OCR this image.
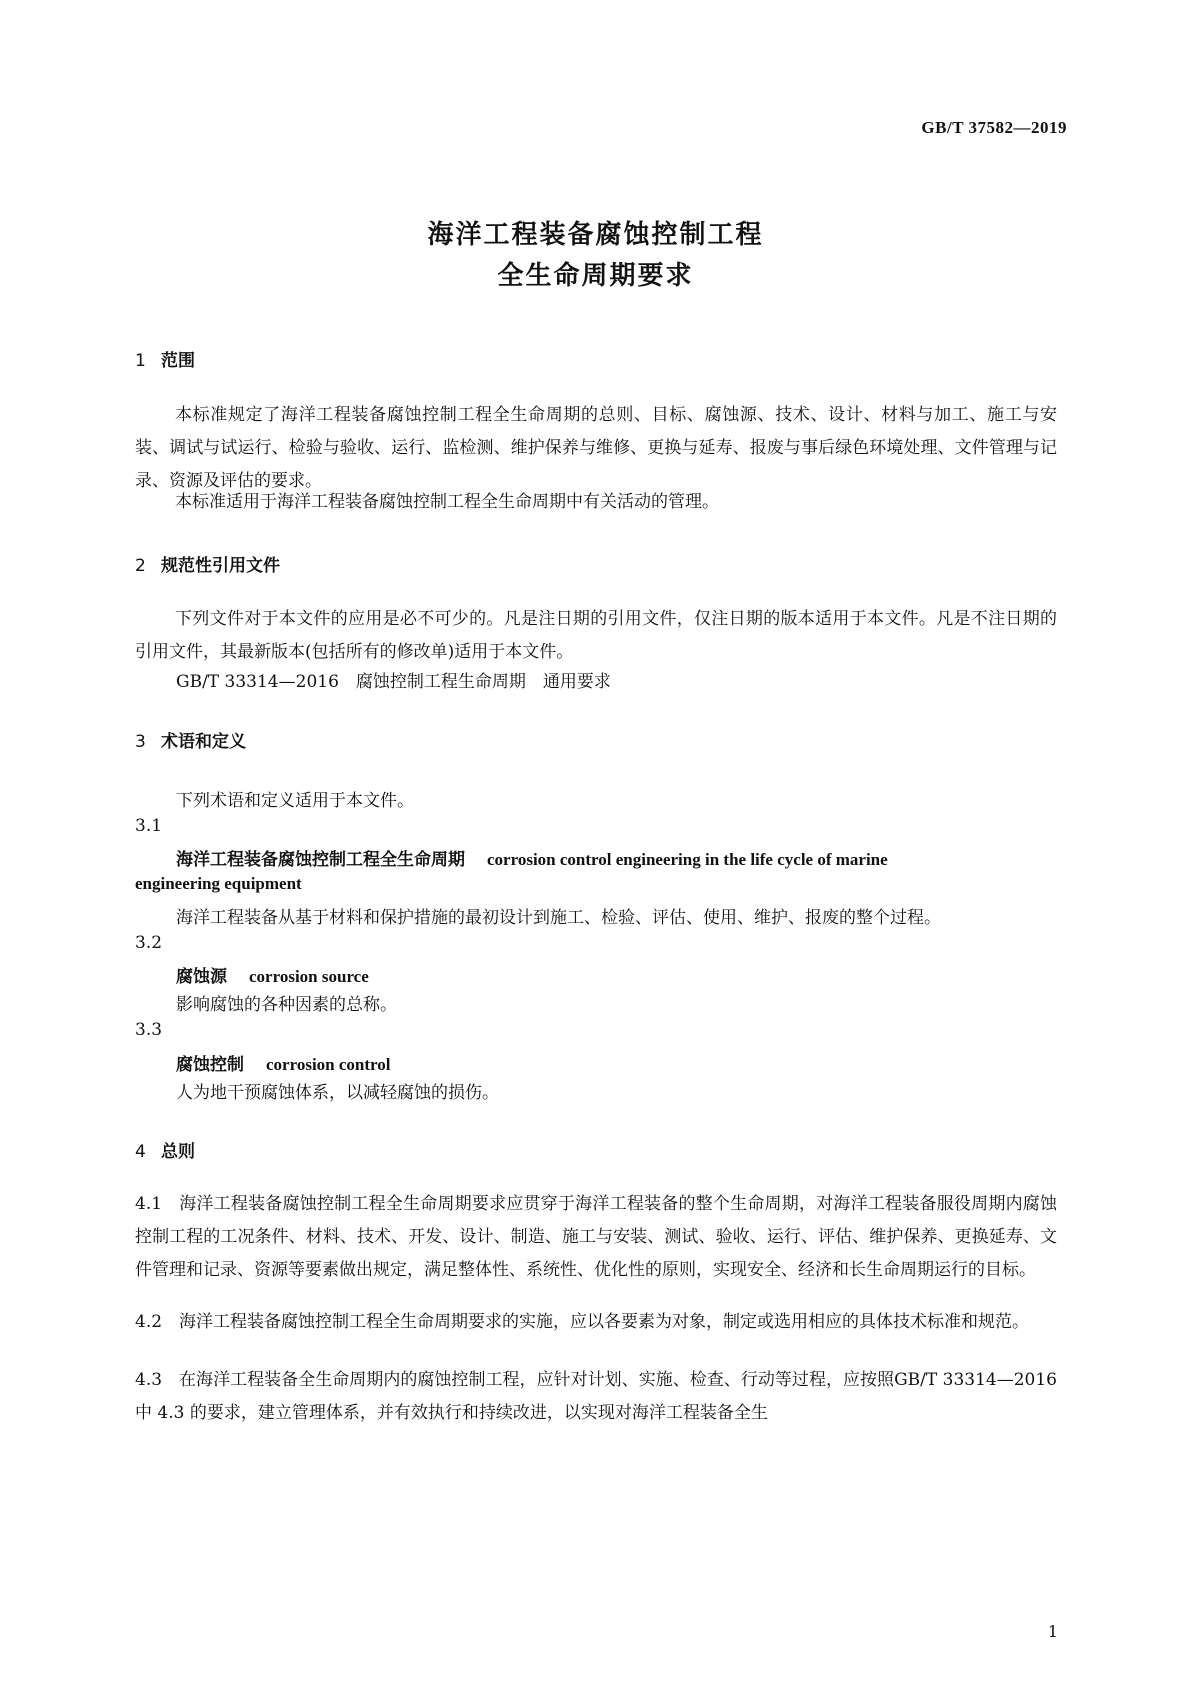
GB/T 37582—2019
海洋工程装备腐蚀控制工程
全生命周期要求
1 范围
本标准规定了海洋工程装备腐蚀控制工程全生命周期的总则、目标、腐蚀源、技术、设计、材料与加工、施工与安装、调试与试运行、检验与验收、运行、监检测、维护保养与维修、更换与延寿、报废与事后绿色环境处理、文件管理与记录、资源及评估的要求。
本标准适用于海洋工程装备腐蚀控制工程全生命周期中有关活动的管理。
2 规范性引用文件
下列文件对于本文件的应用是必不可少的。凡是注日期的引用文件，仅注日期的版本适用于本文件。凡是不注日期的引用文件，其最新版本(包括所有的修改单)适用于本文件。
GB/T 33314—2016　腐蚀控制工程生命周期　通用要求
3 术语和定义
下列术语和定义适用于本文件。
3.1
海洋工程装备腐蚀控制工程全生命周期 corrosion control engineering in the life cycle of marine
engineering equipment
海洋工程装备从基于材料和保护措施的最初设计到施工、检验、评估、使用、维护、报废的整个过程。
3.2
腐蚀源 corrosion source
影响腐蚀的各种因素的总称。
3.3
腐蚀控制 corrosion control
人为地干预腐蚀体系，以减轻腐蚀的损伤。
4 总则
4.1 海洋工程装备腐蚀控制工程全生命周期要求应贯穿于海洋工程装备的整个生命周期，对海洋工程装备服役周期内腐蚀控制工程的工况条件、材料、技术、开发、设计、制造、施工与安装、测试、验收、运行、评估、维护保养、更换延寿、文件管理和记录、资源等要素做出规定，满足整体性、系统性、优化性的原则，实现安全、经济和长生命周期运行的目标。
4.2 海洋工程装备腐蚀控制工程全生命周期要求的实施，应以各要素为对象，制定或选用相应的具体技术标准和规范。
4.3 在海洋工程装备全生命周期内的腐蚀控制工程，应针对计划、实施、检查、行动等过程，应按照GB/T 33314—2016 中 4.3 的要求，建立管理体系，并有效执行和持续改进，以实现对海洋工程装备全生
1
